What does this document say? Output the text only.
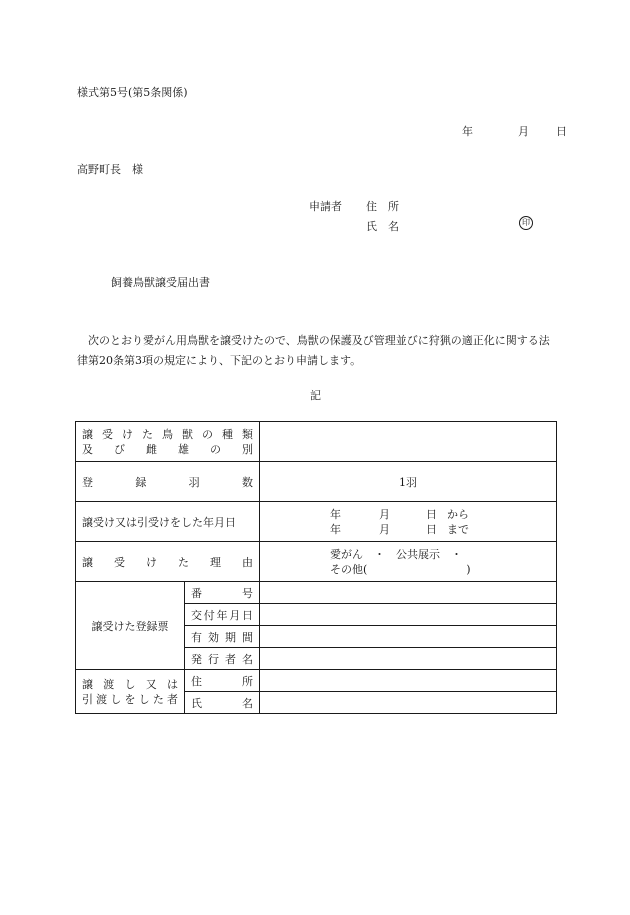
様式第5号(第5条関係)
年	月 日
高野町長　様
申請者 住　所
氏　名	印
飼養鳥獣譲受届出書
次のとおり愛がん用鳥獣を譲受けたので、鳥獣の保護及び管理並びに狩猟の適正化に関する法律第20条第3項の規定により、下記のとおり申請します。
記
譲受けた鳥獣の種類
及び雌雄の別		

登録羽数		1羽
譲受け又は引受けをした年月日		年 月 日 から
年 月 日 まで

譲受けた理由		愛がん　・　公共展示　・
その他(　　　　　　　　　)

譲受けた登録票	番号	
	交付年月日	
	有効期間	
	発行者名	

譲渡し又は
引渡しをした者	住所	
	氏名	
